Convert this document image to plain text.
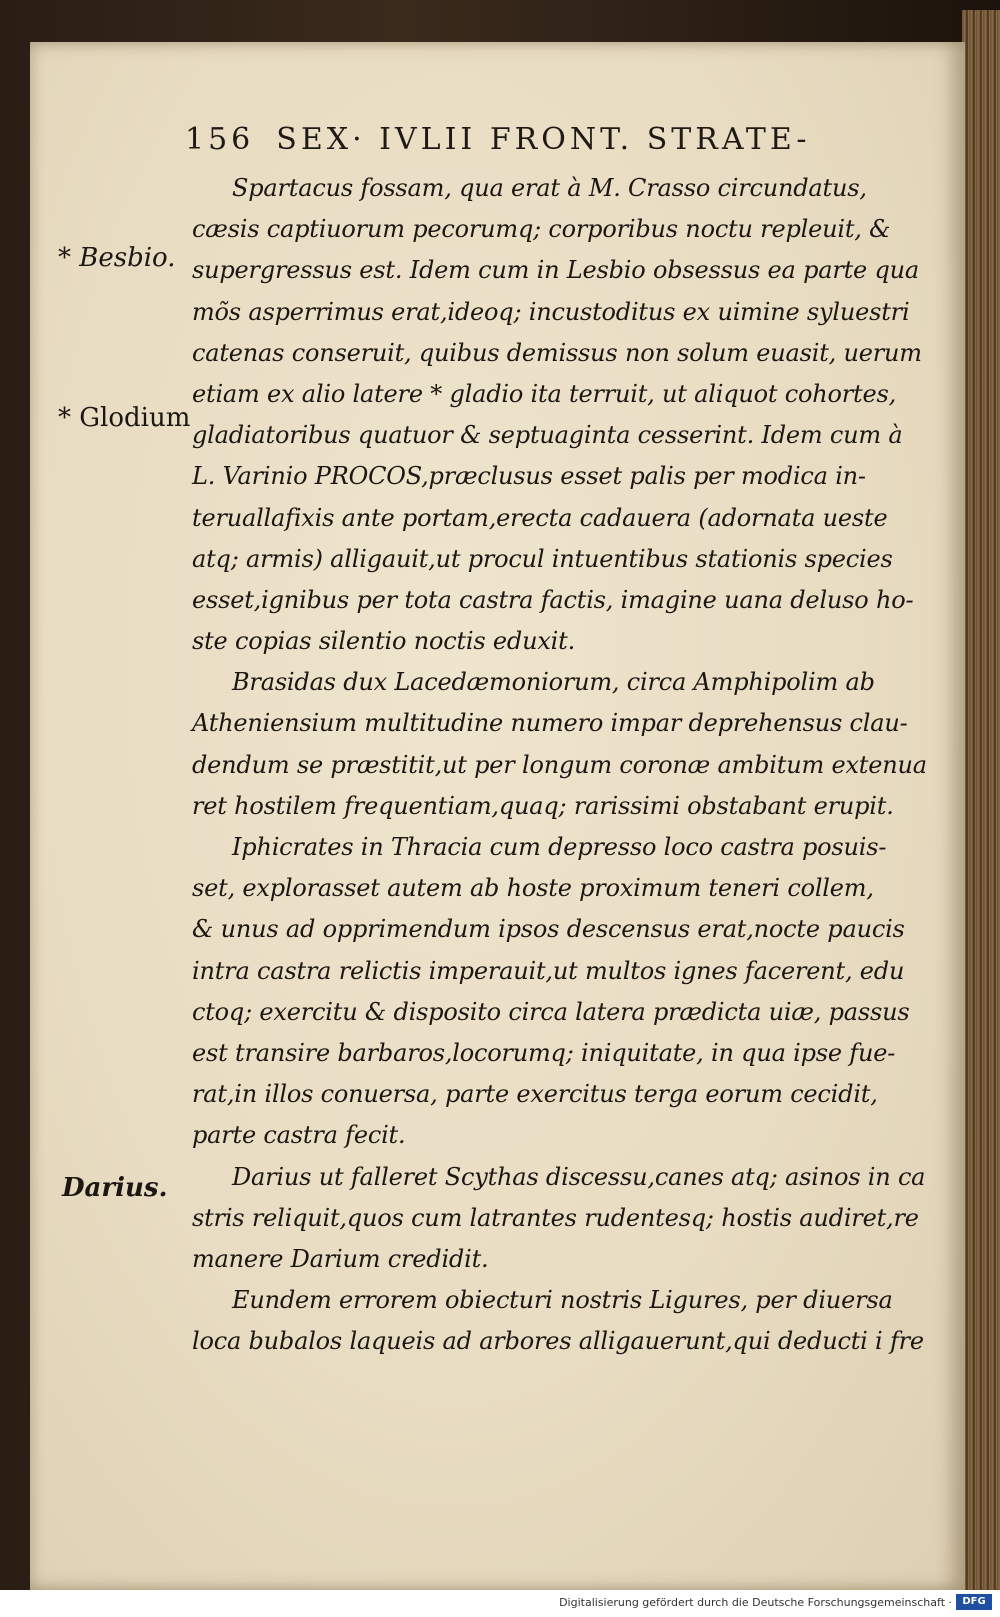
156 SEX· IVLII FRONT. STRATE-
* Besbio.
* Glodium
Darius.
Spartacus fossam, qua erat à M. Crasso circundatus,
cæsis captiuorum pecorumq; corporibus noctu repleuit, &
supergressus est. Idem cum in Lesbio obsessus ea parte qua
mõs asperrimus erat,ideoq; incustoditus ex uimine syluestri
catenas conseruit, quibus demissus non solum euasit, uerum
etiam ex alio latere * gladio ita terruit, ut aliquot cohortes,
gladiatoribus quatuor & septuaginta cesserint. Idem cum à
L. Varinio PROCOS,præclusus esset palis per modica in-
teruallafixis ante portam,erecta cadauera (adornata ueste
atq; armis) alligauit,ut procul intuentibus stationis species
esset,ignibus per tota castra factis, imagine uana deluso ho-
ste copias silentio noctis eduxit.
Brasidas dux Lacedæmoniorum, circa Amphipolim ab
Atheniensium multitudine numero impar deprehensus clau-
dendum se præstitit,ut per longum coronæ ambitum extenua
ret hostilem frequentiam,quaq; rarissimi obstabant erupit.
Iphicrates in Thracia cum depresso loco castra posuis-
set, explorasset autem ab hoste proximum teneri collem,
& unus ad opprimendum ipsos descensus erat,nocte paucis
intra castra relictis imperauit,ut multos ignes facerent, edu
ctoq; exercitu & disposito circa latera prædicta uiæ, passus
est transire barbaros,locorumq; iniquitate, in qua ipse fue-
rat,in illos conuersa, parte exercitus terga eorum cecidit,
parte castra fecit.
Darius ut falleret Scythas discessu,canes atq; asinos in ca
stris reliquit,quos cum latrantes rudentesq; hostis audiret,re
manere Darium credidit.
Eundem errorem obiecturi nostris Ligures, per diuersa
loca bubalos laqueis ad arbores alligauerunt,qui deducti i fre
Digitalisierung gefördert durch die Deutsche Forschungsgemeinschaft ·	DFG
